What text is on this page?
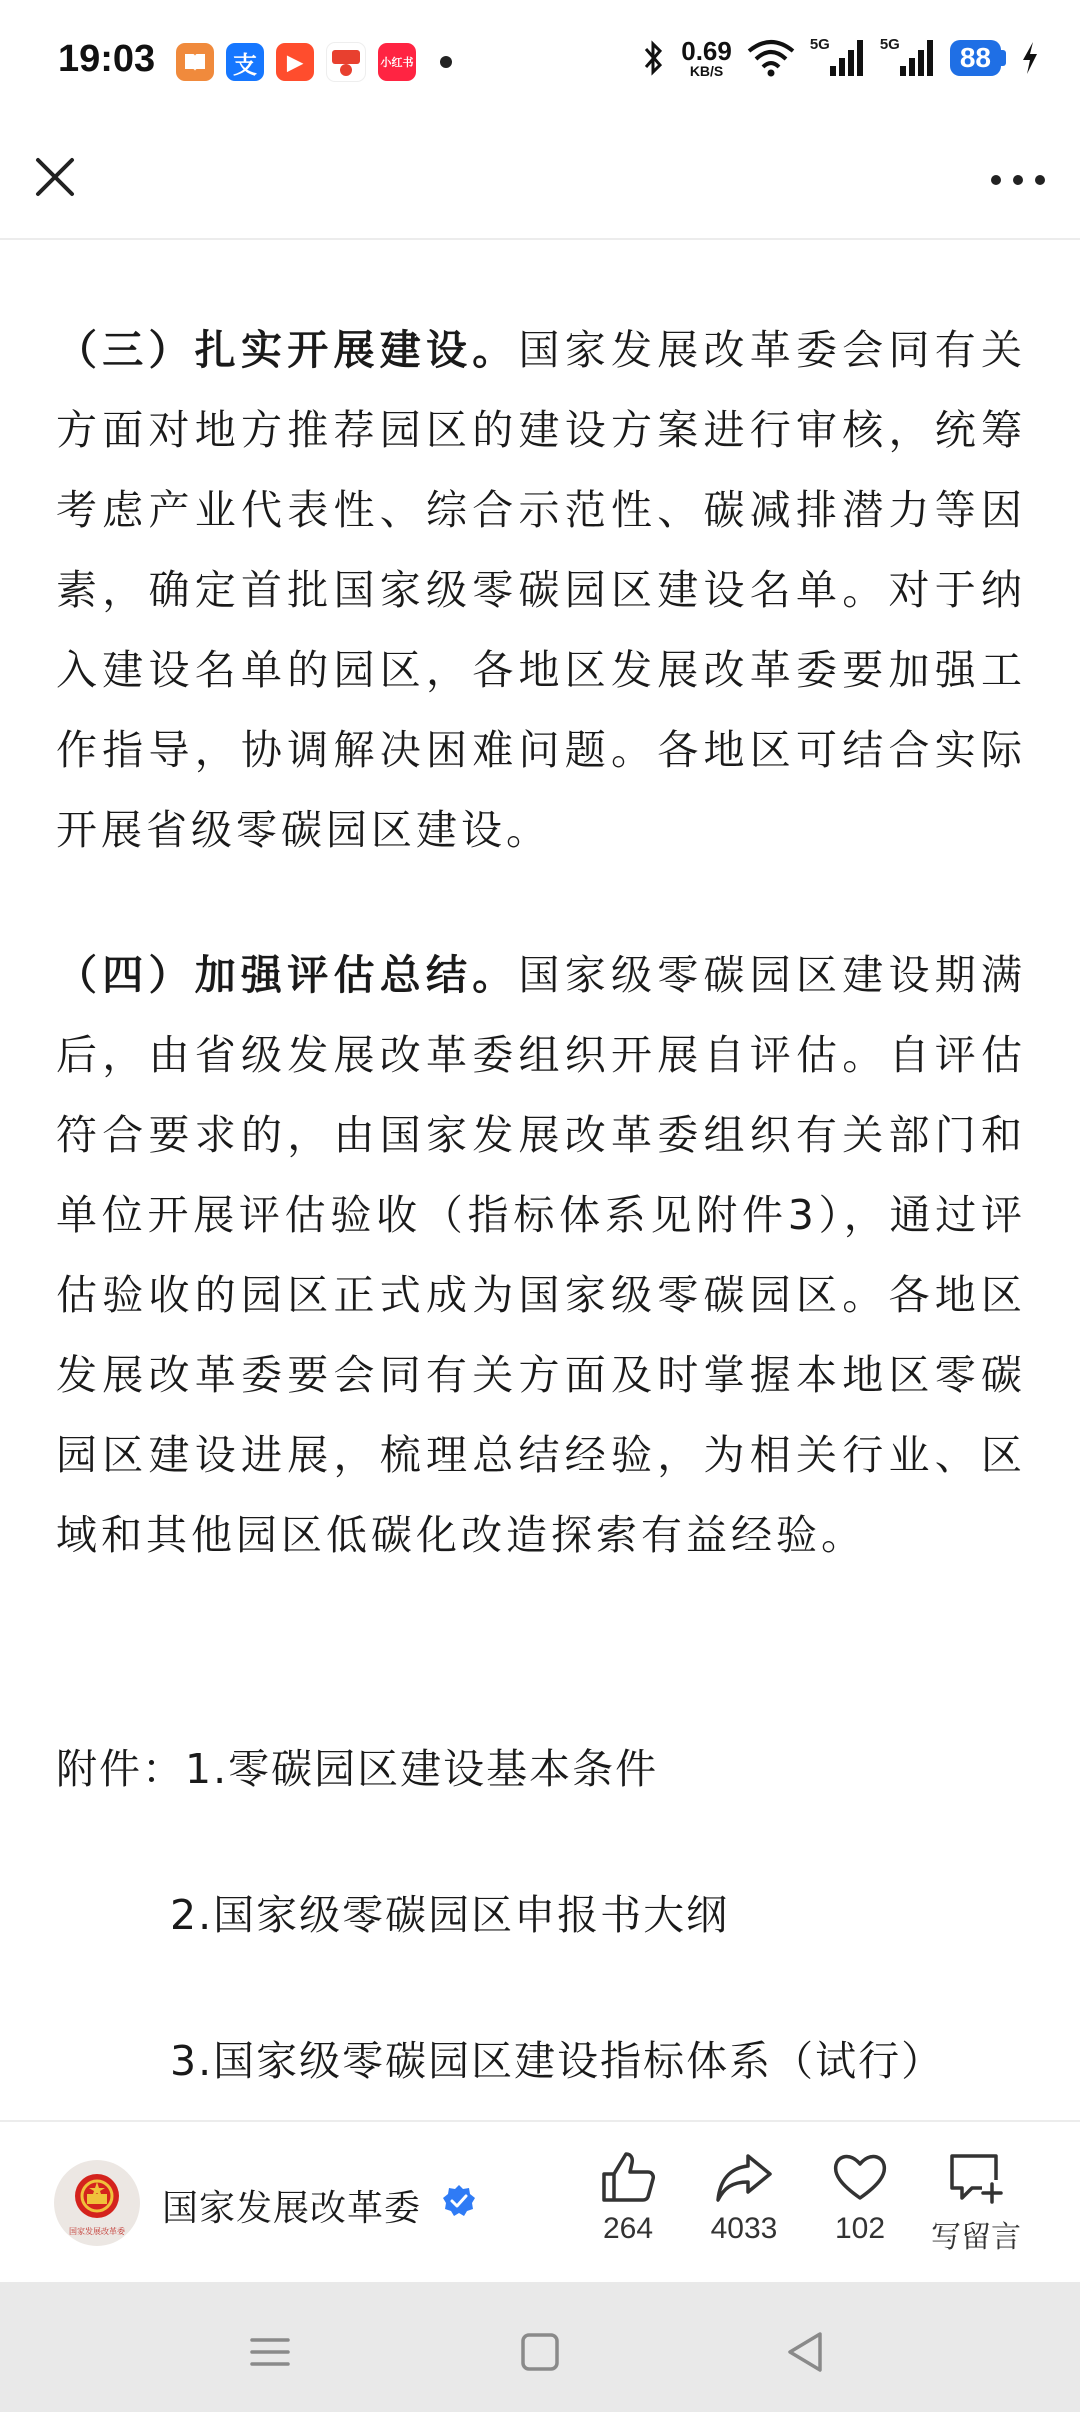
19:03	支	▶	小红书	0.69
KB/S
5G	5G	88

（三）扎实开展建设。国家发展改革委会同有关方面对地方推荐园区的建设方案进行审核，统筹考虑产业代表性、综合示范性、碳减排潜力等因素，确定首批国家级零碳园区建设名单。对于纳入建设名单的园区，各地区发展改革委要加强工作指导，协调解决困难问题。各地区可结合实际开展省级零碳园区建设。

（四）加强评估总结。国家级零碳园区建设期满后，由省级发展改革委组织开展自评估。自评估符合要求的，由国家发展改革委组织有关部门和单位开展评估验收（指标体系见附件3），通过评估验收的园区正式成为国家级零碳园区。各地区发展改革委要会同有关方面及时掌握本地区零碳园区建设进展，梳理总结经验，为相关行业、区域和其他园区低碳化改造探索有益经验。

附件：1.零碳园区建设基本条件
2.国家级零碳园区申报书大纲
3.国家级零碳园区建设指标体系（试行）
国家发展改革委
国家发展改革委	264 4033 102 写留言
